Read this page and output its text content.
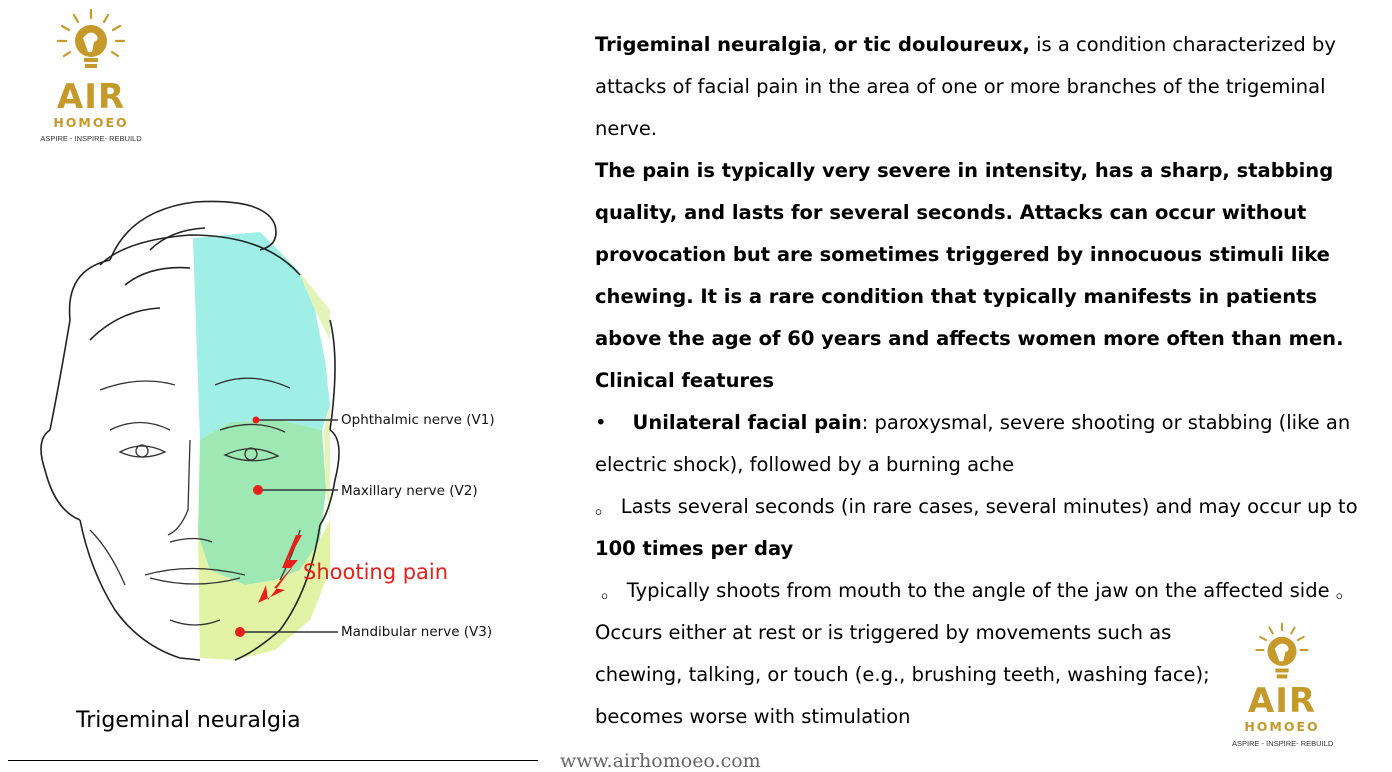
AIR
HOMOEO
ASPIRE - INSPIRE- REBUILD
Ophthalmic nerve (V1)
Maxillary nerve (V2)
Mandibular nerve (V3)
Shooting pain
Trigeminal neuralgia

Trigeminal neuralgia, or tic douloureux, is a condition characterized by attacks of facial pain in the area of one or more branches of the trigeminal nerve.

The pain is typically very severe in intensity, has a sharp, stabbing quality, and lasts for several seconds. Attacks can occur without provocation but are sometimes triggered by innocuous stimuli like chewing. It is a rare condition that typically manifests in patients above the age of 60 years and affects women more often than men.

Clinical features

• Unilateral facial pain: paroxysmal, severe shooting or stabbing (like an electric shock), followed by a burning ache

。 Lasts several seconds (in rare cases, several minutes) and may occur up to 100 times per day

。 Typically shoots from mouth to the angle of the jaw on the affected side 。

Occurs either at rest or is triggered by movements such as chewing, talking, or touch (e.g., brushing teeth, washing face); becomes worse with stimulation	AIR
HOMOEO
ASPIRE - INSPIRE- REBUILD
www.airhomoeo.com
